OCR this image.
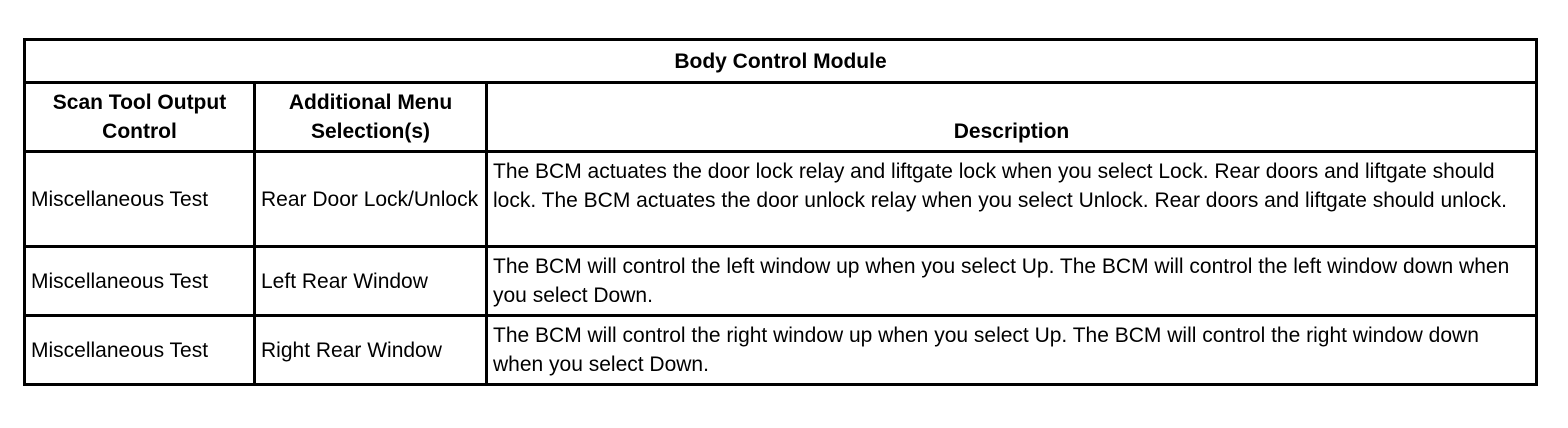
Body Control Module		
Scan Tool Output Control	Additional Menu Selection(s)	Description
Miscellaneous Test	Rear Door Lock/Unlock	The BCM actuates the door lock relay and liftgate lock when you select Lock. Rear doors and liftgate should lock. The BCM actuates the door unlock relay when you select Unlock. Rear doors and liftgate should unlock.
Miscellaneous Test	Left Rear Window	The BCM will control the left window up when you select Up. The BCM will control the left window down when you select Down.
Miscellaneous Test	Right Rear Window	The BCM will control the right window up when you select Up. The BCM will control the right window down when you select Down.
